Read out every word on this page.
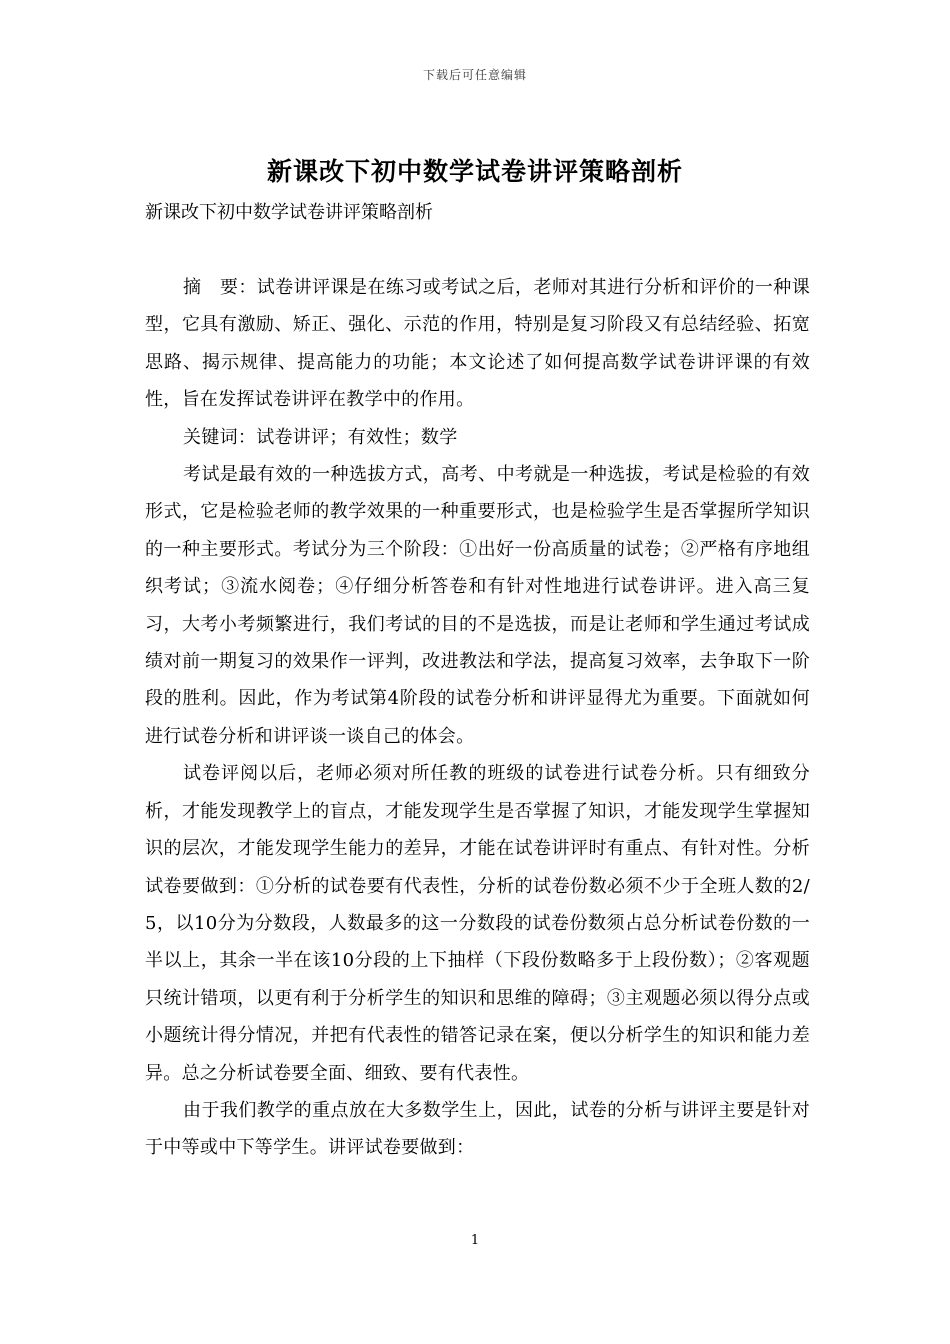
下载后可任意编辑
新课改下初中数学试卷讲评策略剖析
新课改下初中数学试卷讲评策略剖析

摘　要：试卷讲评课是在练习或考试之后，老师对其进行分析和评价的一种课型，它具有激励、矫正、强化、示范的作用，特别是复习阶段又有总结经验、拓宽思路、揭示规律、提高能力的功能；本文论述了如何提高数学试卷讲评课的有效性，旨在发挥试卷讲评在教学中的作用。

关键词：试卷讲评；有效性；数学

考试是最有效的一种选拔方式，高考、中考就是一种选拔，考试是检验的有效形式，它是检验老师的教学效果的一种重要形式，也是检验学生是否掌握所学知识的一种主要形式。考试分为三个阶段：①出好一份高质量的试卷；②严格有序地组织考试；③流水阅卷；④仔细分析答卷和有针对性地进行试卷讲评。进入高三复习，大考小考频繁进行，我们考试的目的不是选拔，而是让老师和学生通过考试成绩对前一期复习的效果作一评判，改进教法和学法，提高复习效率，去争取下一阶段的胜利。因此，作为考试第4阶段的试卷分析和讲评显得尤为重要。下面就如何进行试卷分析和讲评谈一谈自己的体会。

试卷评阅以后，老师必须对所任教的班级的试卷进行试卷分析。只有细致分析，才能发现教学上的盲点，才能发现学生是否掌握了知识，才能发现学生掌握知识的层次，才能发现学生能力的差异，才能在试卷讲评时有重点、有针对性。分析试卷要做到：①分析的试卷要有代表性，分析的试卷份数必须不少于全班人数的2/5，以10分为分数段，人数最多的这一分数段的试卷份数须占总分析试卷份数的一半以上，其余一半在该10分段的上下抽样（下段份数略多于上段份数）；②客观题只统计错项，以更有利于分析学生的知识和思维的障碍；③主观题必须以得分点或小题统计得分情况，并把有代表性的错答记录在案，便以分析学生的知识和能力差异。总之分析试卷要全面、细致、要有代表性。

由于我们教学的重点放在大多数学生上，因此，试卷的分析与讲评主要是针对于中等或中下等学生。讲评试卷要做到：

1
